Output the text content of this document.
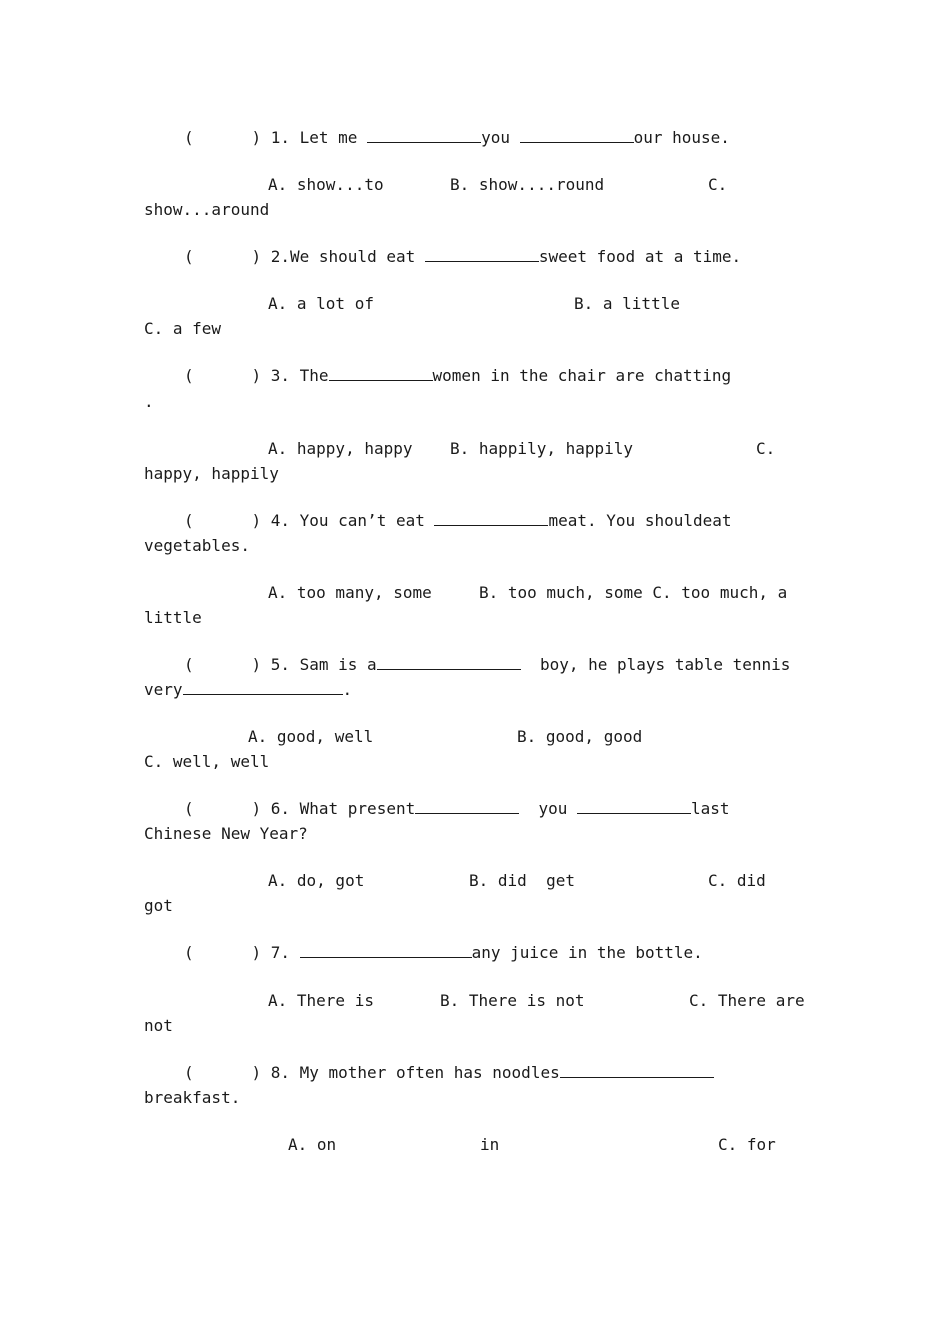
(	) 1. Let me	you	our house.
A. show...to	B. show....round	C.
show...around
(	) 2.We should eat	sweet food at a time.
A. a lot of	B. a little
C. a few
(	) 3. The	women in the chair are chatting
.
A. happy, happy B. happily, happily	C.
happy, happily
(	) 4. You can’t eat	meat. You shouldeat
vegetables.
A. too many, some	B. too much, some C. too much, a
little
(	) 5. Sam is a	boy, he plays table tennis
very	.
A. good, well	B. good, good
C. well, well
(	) 6. What present	you	last
Chinese New Year?
A. do, got	B. did  get	C. did
got
(	) 7.	any juice in the bottle.
A. There is	B. There is not	C. There are
not
(	) 8. My mother often has noodles
breakfast.
A. on	in	C. for
